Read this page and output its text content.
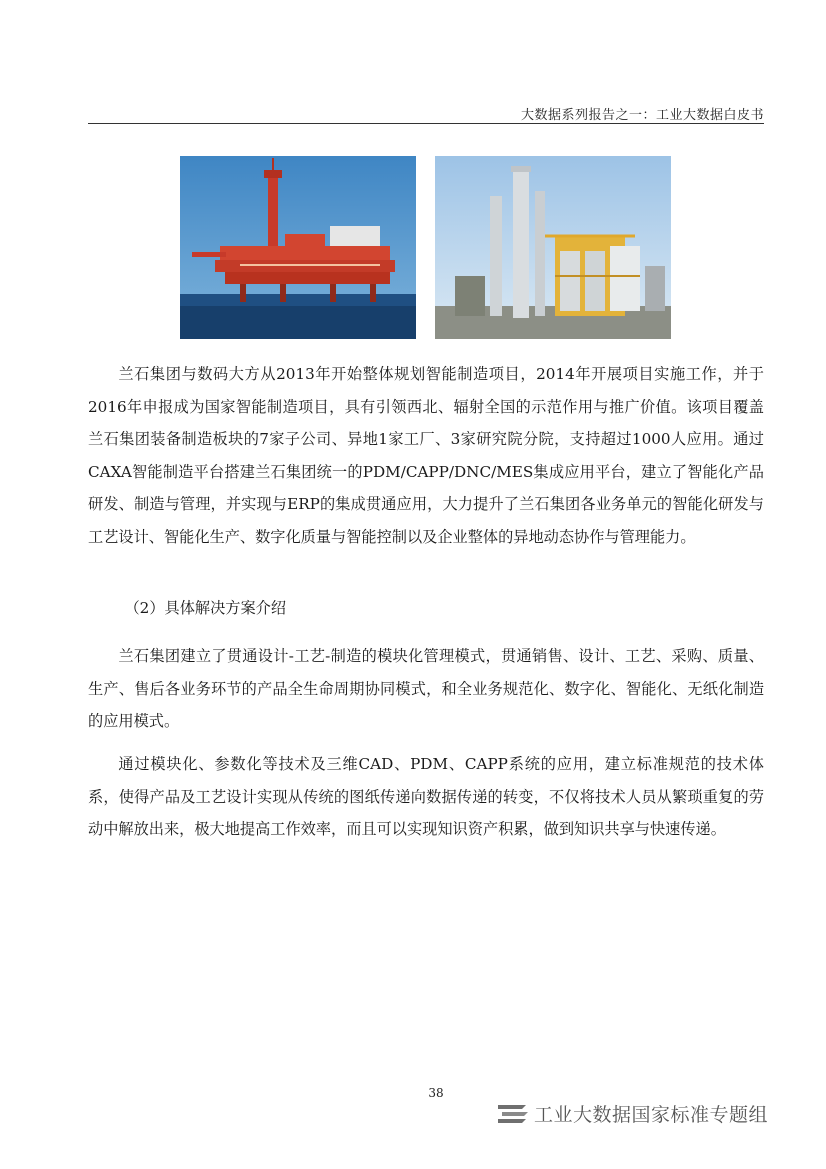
大数据系列报告之一：工业大数据白皮书

兰石集团与数码大方从2013年开始整体规划智能制造项目，2014年开展项目实施工作，并于2016年申报成为国家智能制造项目，具有引领西北、辐射全国的示范作用与推广价值。该项目覆盖兰石集团装备制造板块的7家子公司、异地1家工厂、3家研究院分院，支持超过1000人应用。通过CAXA智能制造平台搭建兰石集团统一的PDM/CAPP/DNC/MES集成应用平台，建立了智能化产品研发、制造与管理，并实现与ERP的集成贯通应用，大力提升了兰石集团各业务单元的智能化研发与工艺设计、智能化生产、数字化质量与智能控制以及企业整体的异地动态协作与管理能力。

（2）具体解决方案介绍

兰石集团建立了贯通设计-工艺-制造的模块化管理模式，贯通销售、设计、工艺、采购、质量、生产、售后各业务环节的产品全生命周期协同模式，和全业务规范化、数字化、智能化、无纸化制造的应用模式。

通过模块化、参数化等技术及三维CAD、PDM、CAPP系统的应用，建立标准规范的技术体系，使得产品及工艺设计实现从传统的图纸传递向数据传递的转变，不仅将技术人员从繁琐重复的劳动中解放出来，极大地提高工作效率，而且可以实现知识资产积累，做到知识共享与快速传递。

38
工业大数据国家标准专题组
